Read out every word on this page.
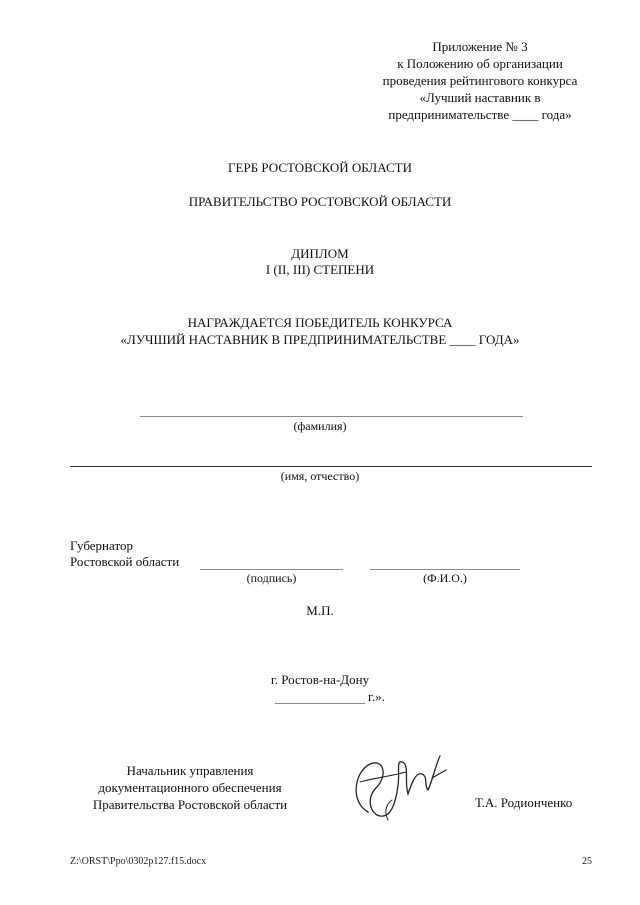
Приложение № 3
к Положению об организации
проведения рейтингового конкурса
«Лучший наставник в
предпринимательстве ____ года»
ГЕРБ РОСТОВСКОЙ ОБЛАСТИ
ПРАВИТЕЛЬСТВО РОСТОВСКОЙ ОБЛАСТИ
ДИПЛОМ
I (II, III) СТЕПЕНИ
НАГРАЖДАЕТСЯ ПОБЕДИТЕЛЬ КОНКУРСА
«ЛУЧШИЙ НАСТАВНИК В ПРЕДПРИНИМАТЕЛЬСТВЕ ____ ГОДА»
(фамилия)
(имя, отчество)
Губернатор
Ростовской области
(подпись)	(Ф.И.О.)
М.П.
г. Ростов-на-Дону
г.».
Начальник управления
документационного обеспечения
Правительства Ростовской области	Т.А. Родионченко
Z:\ORST\Ppo\0302p127.f15.docx	25
